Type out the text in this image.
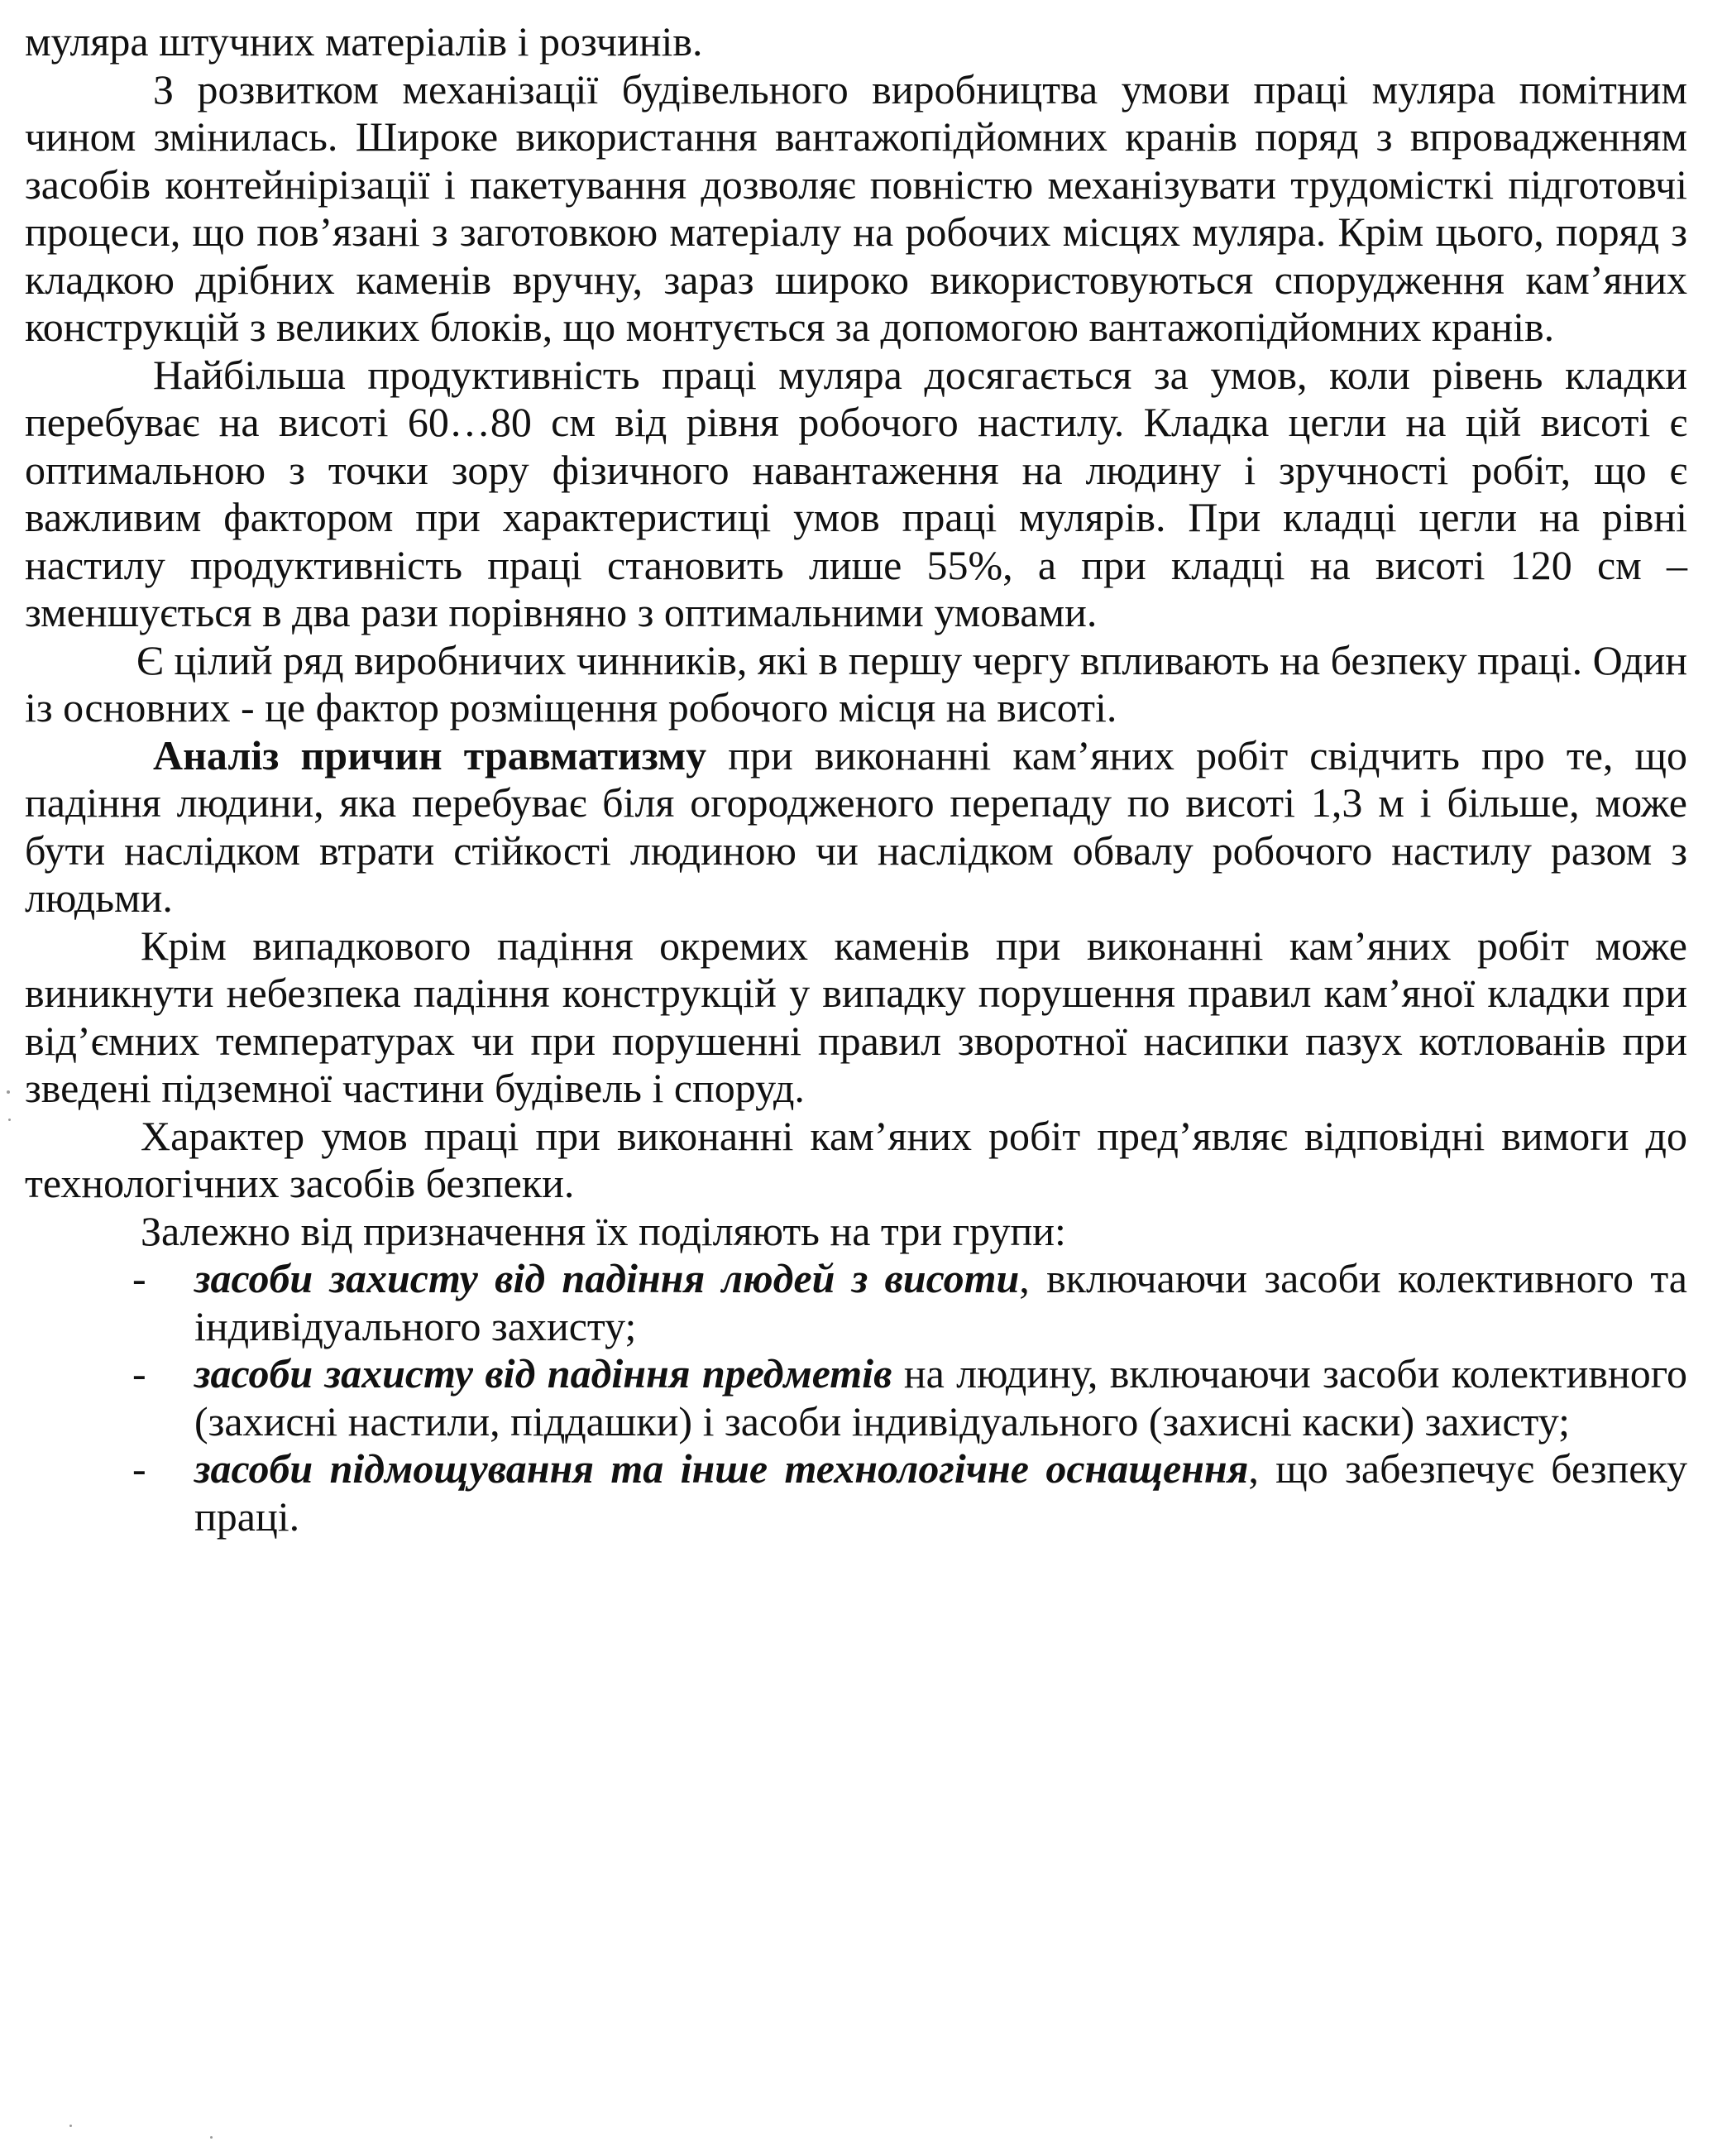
муляра штучних матеріалів і розчинів.

З розвитком механізації будівельного виробництва умови праці муляра помітним чином змінилась. Широке використання вантажопідйомних кранів поряд з впровадженням засобів контейнірізації і пакетування дозволяє повністю механізувати трудомісткі підготовчі процеси, що пов’язані з заготовкою матеріалу на робочих місцях муляра. Крім цього, поряд з кладкою дрібних каменів вручну, зараз широко використовуються спорудження кам’яних конструкцій з великих блоків, що монтується за допомогою вантажопідйомних кранів.

Найбільша продуктивність праці муляра досягається за умов, коли рівень кладки перебуває на висоті 60…80 см від рівня робочого настилу. Кладка цегли на цій висоті є оптимальною з точки зору фізичного навантаження на людину і зручності робіт, що є важливим фактором при характеристиці умов праці мулярів. При кладці цегли на рівні настилу продуктивність праці становить лише 55%, а при кладці на висоті 120 см – зменшується в два рази порівняно з оптимальними умовами.

Є цілий ряд виробничих чинників, які в першу чергу впливають на безпеку праці. Один із основних - це фактор розміщення робочого місця на висоті.

Аналіз причин травматизму при виконанні кам’яних робіт свідчить про те, що падіння людини, яка перебуває біля огородженого перепаду по висоті 1,3 м і більше, може бути наслідком втрати стійкості людиною чи наслідком обвалу робочого настилу разом з людьми.

Крім випадкового падіння окремих каменів при виконанні кам’яних робіт може виникнути небезпека падіння конструкцій у випадку порушення правил кам’яної кладки при від’ємних температурах чи при порушенні правил зворотної насипки пазух котлованів при зведені підземної частини будівель і споруд.

Характер умов праці при виконанні кам’яних робіт пред’являє відповідні вимоги до технологічних засобів безпеки.

Залежно від призначення їх поділяють на три групи:

- засоби захисту від падіння людей з висоти, включаючи засоби колективного та індивідуального захисту;
- засоби захисту від падіння предметів на людину, включаючи засоби колективного (захисні настили, піддашки) і засоби індивідуального (захисні каски) захисту;
- засоби підмощування та інше технологічне оснащення, що забезпечує безпеку праці.
